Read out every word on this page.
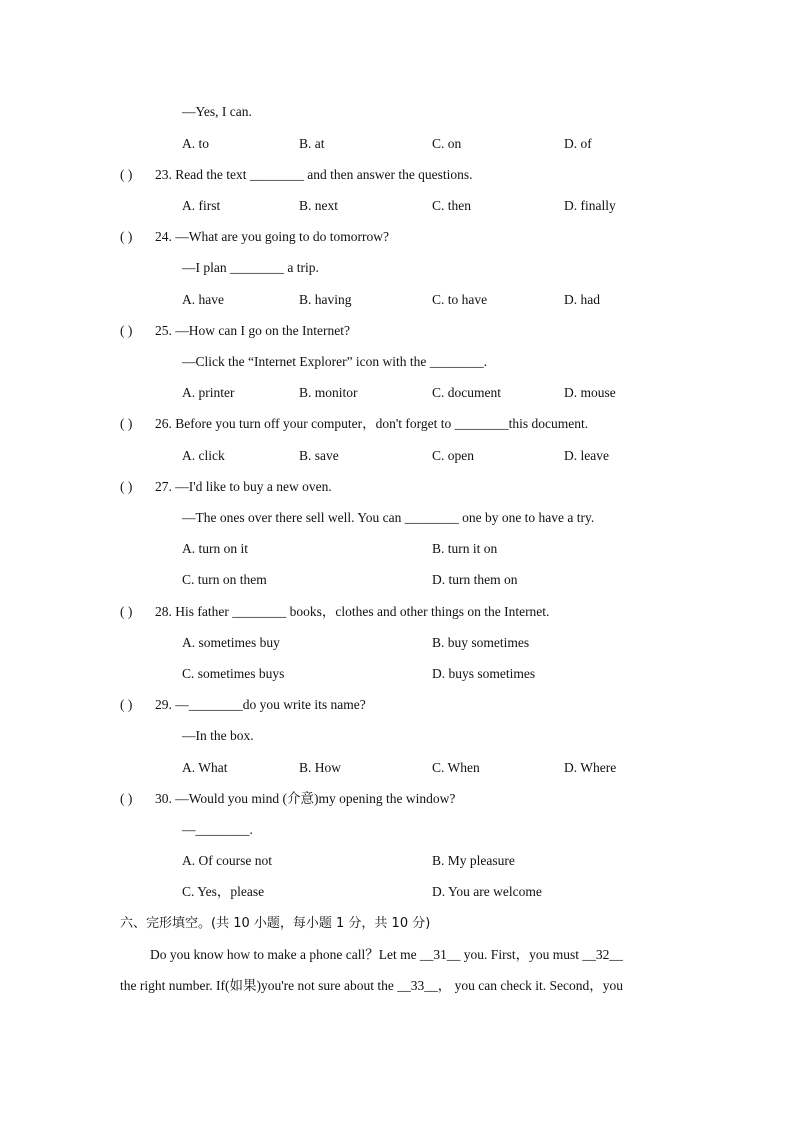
—Yes, I can.
A. to	B. at	C. on	D. of
( ) 23. Read the text ________ and then answer the questions.
A. first	B. next	C. then	D. finally
( ) 24. —What are you going to do tomorrow?
—I plan ________ a trip.
A. have	B. having	C. to have	D. had
( ) 25. —How can I go on the Internet?
—Click the “Internet Explorer” icon with the ________.
A. printer	B. monitor	C. document	D. mouse
( ) 26. Before you turn off your computer，don't forget to ________this document.
A. click	B. save	C. open	D. leave
( ) 27. —I'd like to buy a new oven.
—The ones over there sell well. You can ________ one by one to have a try.
A. turn on it	B. turn it on
C. turn on them	D. turn them on
( ) 28. His father ________ books，clothes and other things on the Internet.
A. sometimes buy	B. buy sometimes
C. sometimes buys	D. buys sometimes
( ) 29. —________do you write its name?
—In the box.
A. What	B. How	C. When	D. Where
( ) 30. —Would you mind (介意)my opening the window?
—________.
A. Of course not	B. My pleasure
C. Yes，please	D. You are welcome
六、完形填空。(共 10 小题，每小题 1 分，共 10 分)
Do you know how to make a phone call？Let me __31__ you. First，you must __32__
the right number. If(如果)you're not sure about the __33__， you can check it. Second，you
